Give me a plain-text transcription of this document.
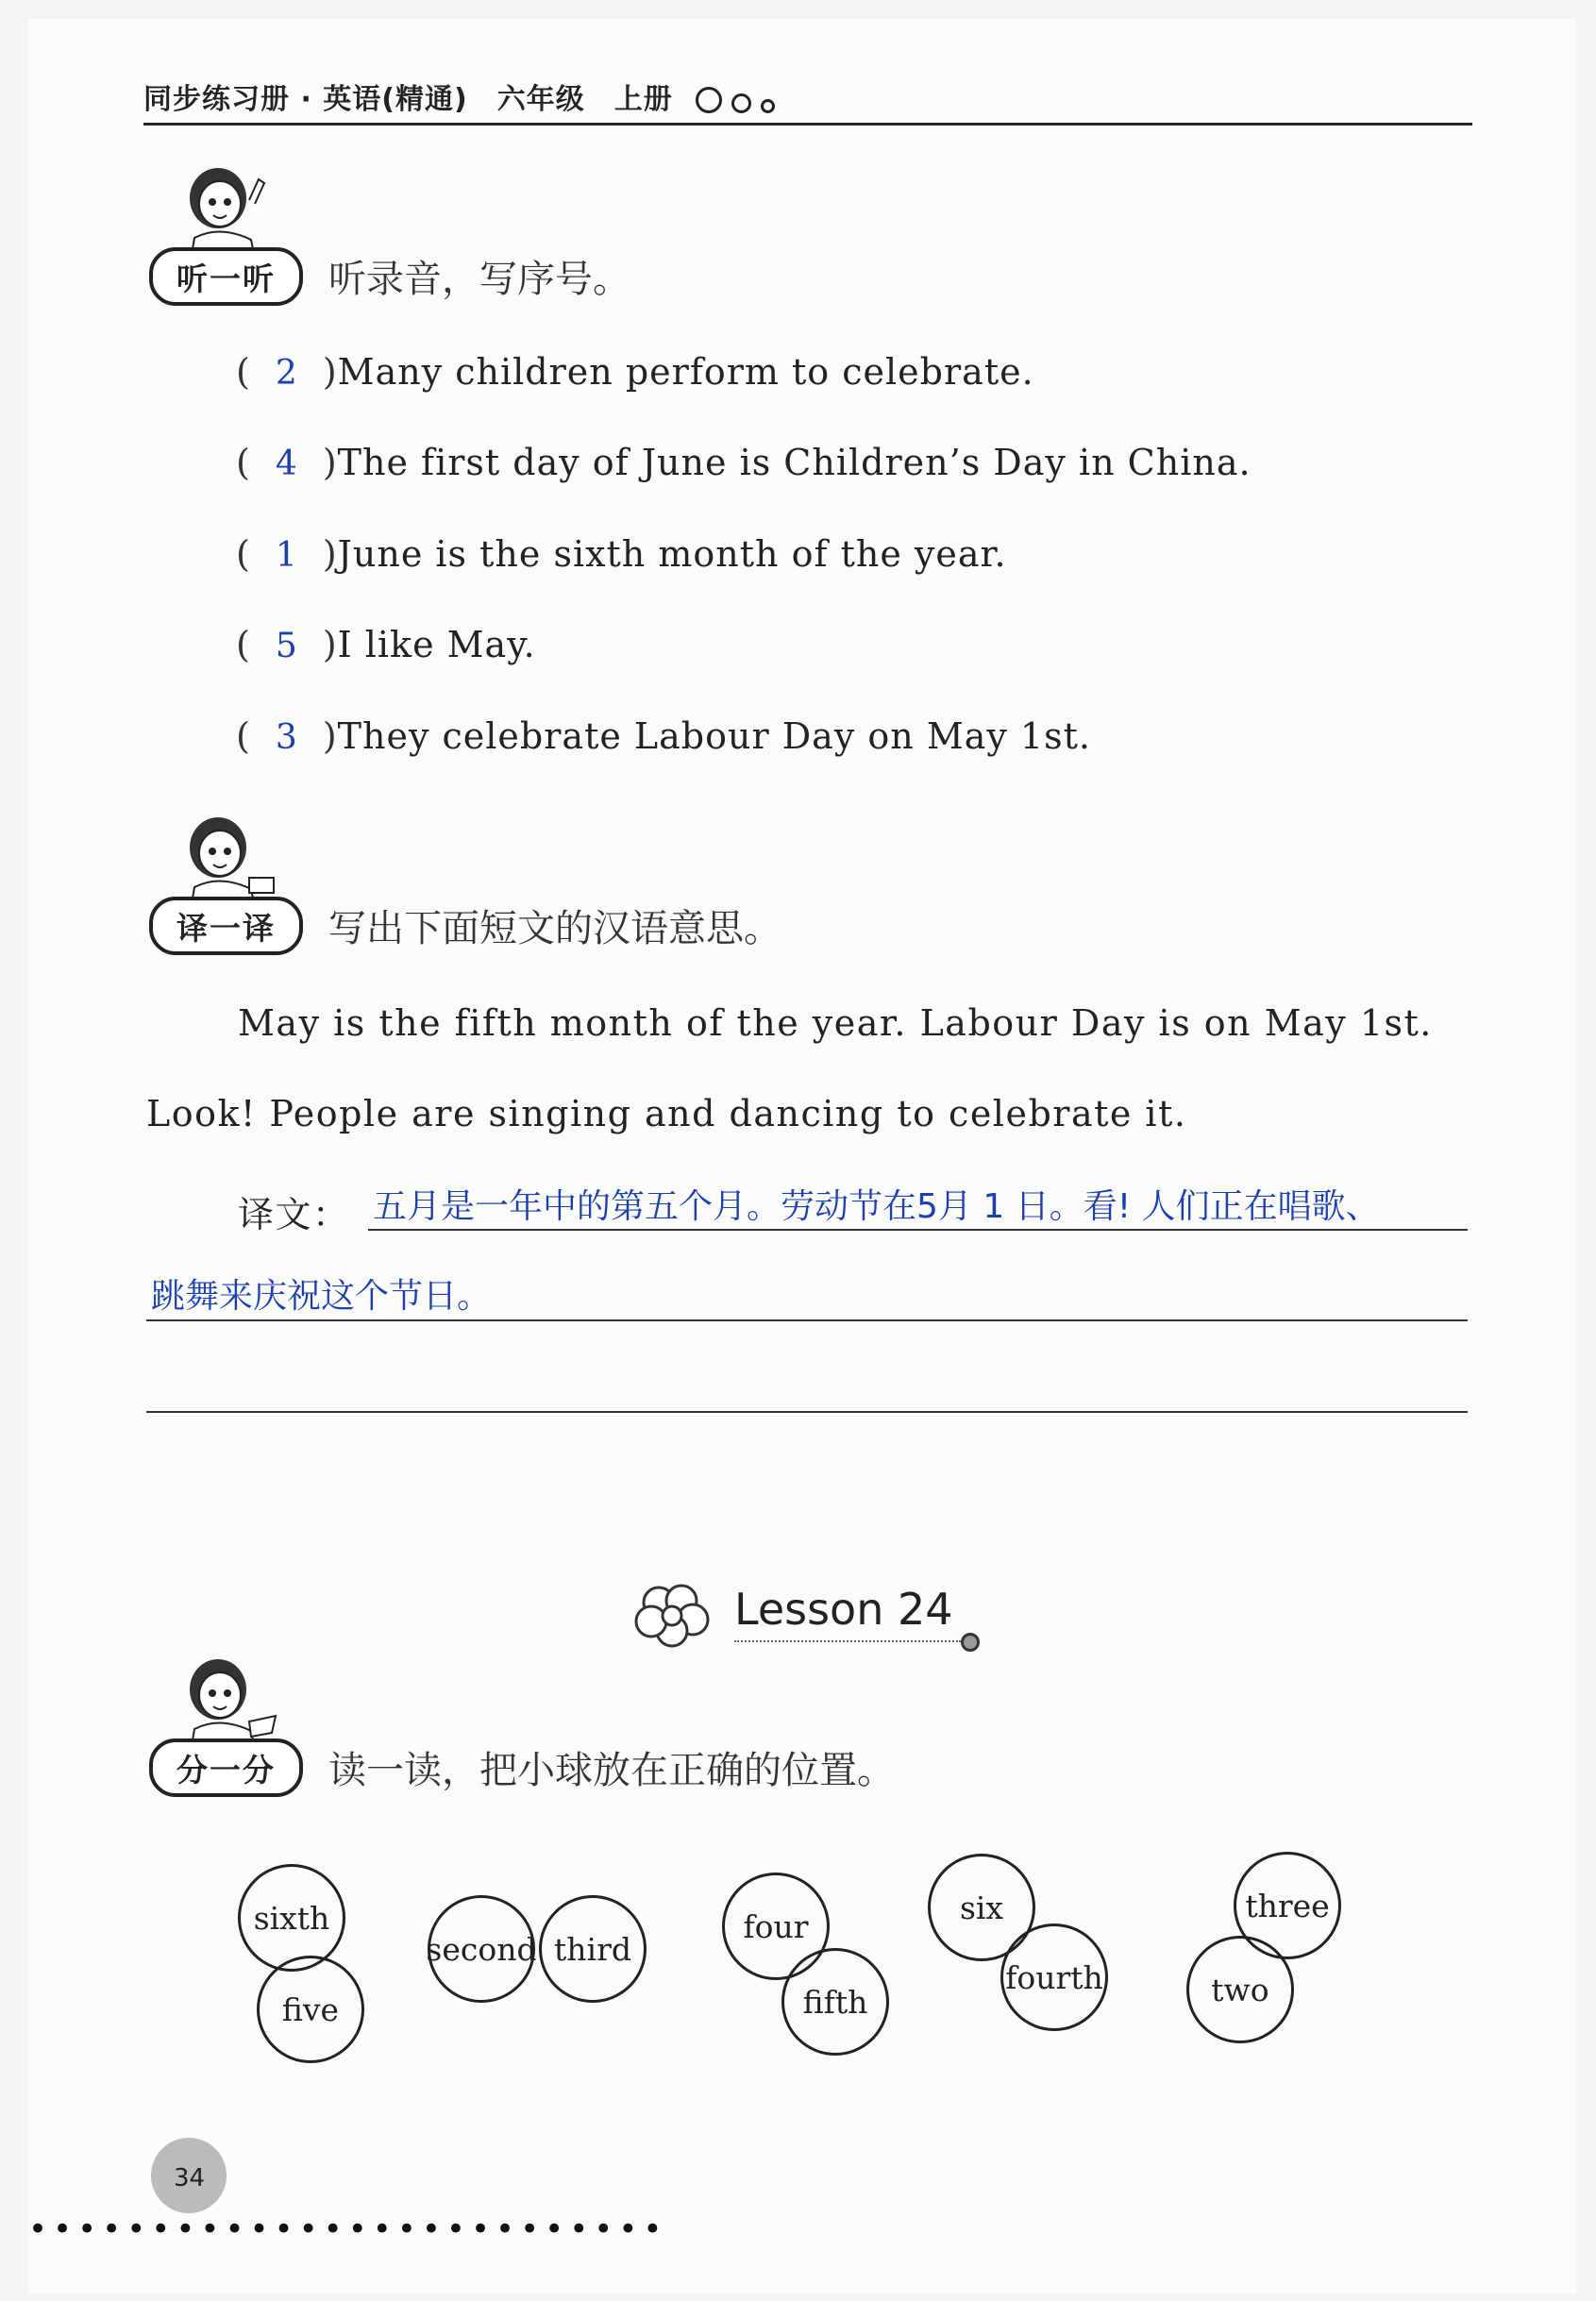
同步练习册 · 英语(精通)　六年级　上册
听一听	听录音，写序号。
( 2 )Many children perform to celebrate.
( 4 )The first day of June is Children’s Day in China.
( 1 )June is the sixth month of the year.
( 5 )I like May.
( 3 )They celebrate Labour Day on May 1st.
译一译	写出下面短文的汉语意思。
May is the fifth month of the year. Labour Day is on May 1st.
Look! People are singing and dancing to celebrate it.
译文： 五月是一年中的第五个月。劳动节在5月 1 日。看! 人们正在唱歌、
跳舞来庆祝这个节日。
Lesson 24
分一分	读一读，把小球放在正确的位置。
sixth
five
second third
four
fifth
six
fourth
three
two
34
••••••••••••••••••••••••••
